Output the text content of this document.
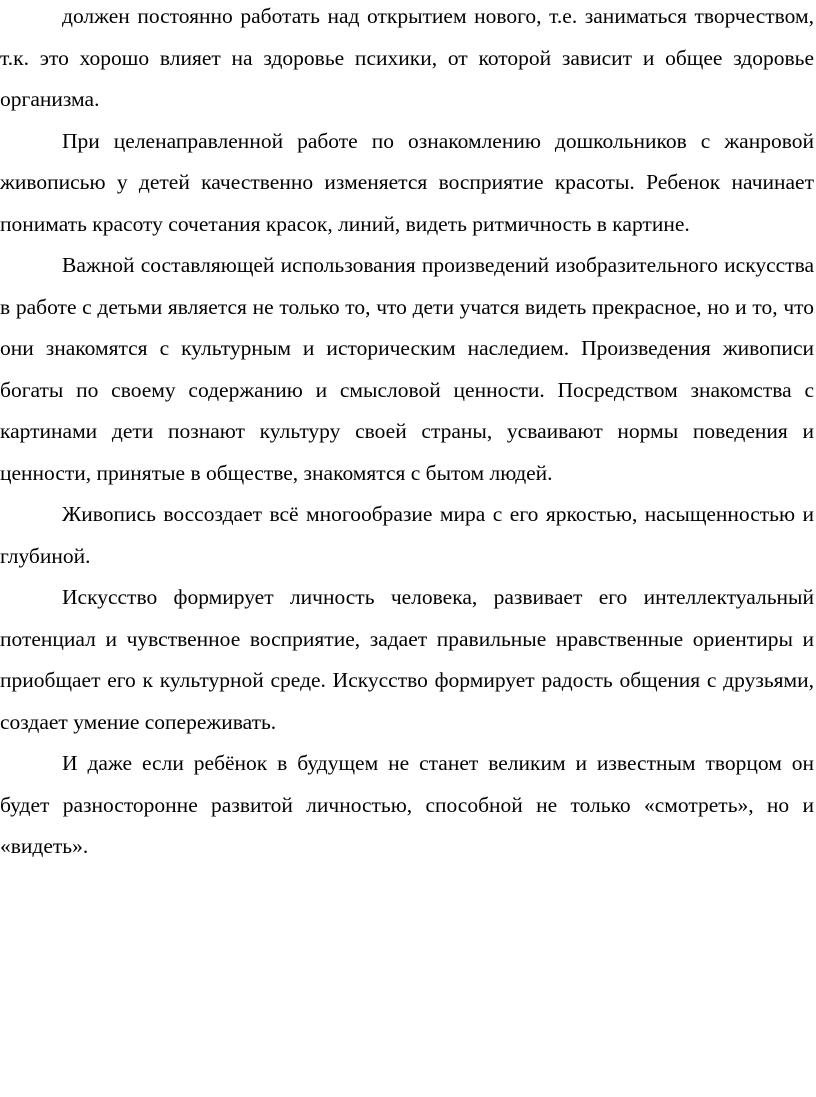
должен постоянно работать над открытием нового, т.е. заниматься творчеством, т.к. это хорошо влияет на здоровье психики, от которой зависит и общее здоровье организма.

При целенаправленной работе по ознакомлению дошкольников с жанровой живописью у детей качественно изменяется восприятие красоты. Ребенок начинает понимать красоту сочетания красок, линий, видеть ритмичность в картине.

Важной составляющей использования произведений изобразительного искусства в работе с детьми является не только то, что дети учатся видеть прекрасное, но и то, что они знакомятся с культурным и историческим наследием. Произведения живописи богаты по своему содержанию и смысловой ценности. Посредством знакомства с картинами дети познают культуру своей страны, усваивают нормы поведения и ценности, принятые в обществе, знакомятся с бытом людей.

Живопись воссоздает всё многообразие мира с его яркостью, насыщенностью и глубиной.

Искусство формирует личность человека, развивает его интеллектуальный потенциал и чувственное восприятие, задает правильные нравственные ориентиры и приобщает его к культурной среде. Искусство формирует радость общения с друзьями, создает умение сопереживать.

И даже если ребёнок в будущем не станет великим и известным творцом он будет разносторонне развитой личностью, способной не только «смотреть», но и «видеть».
